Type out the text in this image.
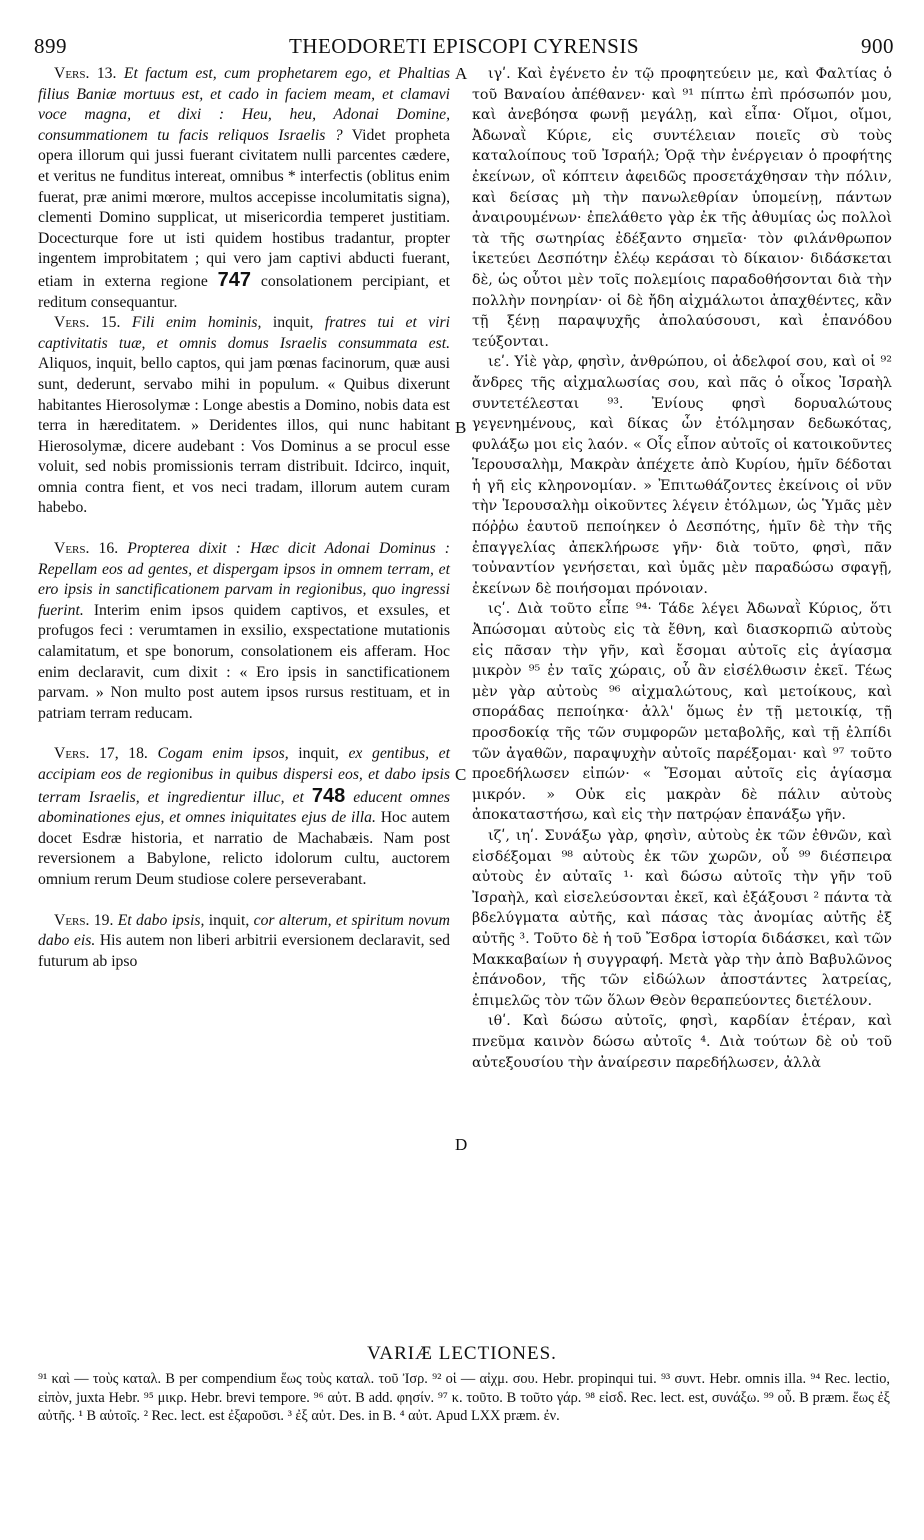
899	THEODORETI EPISCOPI CYRENSIS	900
A
B
C
D

Vers. 13. Et factum est, cum prophetarem ego, et Phaltias filius Baniæ mortuus est, et cado in faciem meam, et clamavi voce magna, et dixi : Heu, heu, Adonai Domine, consummationem tu facis reliquos Israelis ? Videt propheta opera illorum qui jussi fuerant civitatem nulli parcentes cædere, et veritus ne funditus intereat, omnibus * interfectis (oblitus enim fuerat, præ animi mœrore, multos accepisse incolumitatis signa), clementi Domino supplicat, ut misericordia temperet justitiam. Docecturque fore ut isti quidem hostibus tradantur, propter ingentem improbitatem ; qui vero jam captivi abducti fuerant, etiam in externa regione 747 consolationem percipiant, et reditum consequantur.

Vers. 15. Fili enim hominis, inquit, fratres tui et viri captivitatis tuæ, et omnis domus Israelis consummata est. Aliquos, inquit, bello captos, qui jam pœnas facinorum, quæ ausi sunt, dederunt, servabo mihi in populum. « Quibus dixerunt habitantes Hierosolymæ : Longe abestis a Domino, nobis data est terra in hæreditatem. » Deridentes illos, qui nunc habitant Hierosolymæ, dicere audebant : Vos Dominus a se procul esse voluit, sed nobis promissionis terram distribuit. Idcirco, inquit, omnia contra fient, et vos neci tradam, illorum autem curam habebo.

Vers. 16. Propterea dixit : Hæc dicit Adonai Dominus : Repellam eos ad gentes, et dispergam ipsos in omnem terram, et ero ipsis in sanctificationem parvam in regionibus, quo ingressi fuerint. Interim enim ipsos quidem captivos, et exsules, et profugos feci : verumtamen in exsilio, exspectatione mutationis calamitatum, et spe bonorum, consolationem eis afferam. Hoc enim declaravit, cum dixit : « Ero ipsis in sanctificationem parvam. » Non multo post autem ipsos rursus restituam, et in patriam terram reducam.

Vers. 17, 18. Cogam enim ipsos, inquit, ex gentibus, et accipiam eos de regionibus in quibus dispersi eos, et dabo ipsis terram Israelis, et ingredientur illuc, et 748 educent omnes abominationes ejus, et omnes iniquitates ejus de illa. Hoc autem docet Esdræ historia, et narratio de Machabæis. Nam post reversionem a Babylone, relicto idolorum cultu, auctorem omnium rerum Deum studiose colere perseverabant.

Vers. 19. Et dabo ipsis, inquit, cor alterum, et spiritum novum dabo eis. His autem non liberi arbitrii eversionem declaravit, sed futurum ab ipso

ιγʹ. Καὶ ἐγένετο ἐν τῷ προφητεύειν με, καὶ Φαλτίας ὁ τοῦ Βαναίου ἀπέθανεν· καὶ ⁹¹ πίπτω ἐπὶ πρόσωπόν μου, καὶ ἀνεβόησα φωνῇ μεγάλῃ, καὶ εἶπα· Οἴμοι, οἴμοι, Ἀδωναῒ Κύριε, εἰς συντέλειαν ποιεῖς σὺ τοὺς καταλοίπους τοῦ Ἰσραήλ; Ὁρᾷ τὴν ἐνέργειαν ὁ προφήτης ἐκείνων, οἳ κόπτειν ἀφειδῶς προσετάχθησαν τὴν πόλιν, καὶ δείσας μὴ τὴν πανωλεθρίαν ὑπομείνῃ, πάντων ἀναιρουμένων· ἐπελάθετο γὰρ ἐκ τῆς ἀθυμίας ὡς πολλοὶ τὰ τῆς σωτηρίας ἐδέξαντο σημεῖα· τὸν φιλάνθρωπον ἱκετεύει Δεσπότην ἐλέῳ κεράσαι τὸ δίκαιον· διδάσκεται δὲ, ὡς οὗτοι μὲν τοῖς πολεμίοις παραδοθήσονται διὰ τὴν πολλὴν πονηρίαν· οἱ δὲ ἤδη αἰχμάλωτοι ἀπαχθέντες, κἂν τῇ ξένῃ παραψυχῆς ἀπολαύσουσι, καὶ ἐπανόδου τεύξονται.

ιεʹ. Υἱὲ γὰρ, φησὶν, ἀνθρώπου, οἱ ἀδελφοί σου, καὶ οἱ ⁹² ἄνδρες τῆς αἰχμαλωσίας σου, καὶ πᾶς ὁ οἶκος Ἰσραὴλ συντετέλεσται ⁹³. Ἐνίους φησὶ δορυαλώτους γεγενημένους, καὶ δίκας ὧν ἐτόλμησαν δεδωκότας, φυλάξω μοι εἰς λαόν. « Οἷς εἶπον αὐτοῖς οἱ κατοικοῦντες Ἱερουσαλὴμ, Μακρὰν ἀπέχετε ἀπὸ Κυρίου, ἡμῖν δέδοται ἡ γῆ εἰς κληρονομίαν. » Ἐπιτωθάζοντες ἐκείνοις οἱ νῦν τὴν Ἱερουσαλὴμ οἰκοῦντες λέγειν ἐτόλμων, ὡς Ὑμᾶς μὲν πόῤῥω ἑαυτοῦ πεποίηκεν ὁ Δεσπότης, ἡμῖν δὲ τὴν τῆς ἐπαγγελίας ἀπεκλήρωσε γῆν· διὰ τοῦτο, φησὶ, πᾶν τοὐναντίον γενήσεται, καὶ ὑμᾶς μὲν παραδώσω σφαγῇ, ἐκείνων δὲ ποιήσομαι πρόνοιαν.

ιςʹ. Διὰ τοῦτο εἶπε ⁹⁴· Τάδε λέγει Ἀδωναῒ Κύριος, ὅτι Ἀπώσομαι αὐτοὺς εἰς τὰ ἔθνη, καὶ διασκορπιῶ αὐτοὺς εἰς πᾶσαν τὴν γῆν, καὶ ἔσομαι αὐτοῖς εἰς ἁγίασμα μικρὸν ⁹⁵ ἐν ταῖς χώραις, οὗ ἂν εἰσέλθωσιν ἐκεῖ. Τέως μὲν γὰρ αὐτοὺς ⁹⁶ αἰχμαλώτους, καὶ μετοίκους, καὶ σποράδας πεποίηκα· ἀλλ' ὅμως ἐν τῇ μετοικίᾳ, τῇ προσδοκίᾳ τῆς τῶν συμφορῶν μεταβολῆς, καὶ τῇ ἐλπίδι τῶν ἀγαθῶν, παραψυχὴν αὐτοῖς παρέξομαι· καὶ ⁹⁷ τοῦτο προεδήλωσεν εἰπών· « Ἔσομαι αὐτοῖς εἰς ἁγίασμα μικρόν. » Οὐκ εἰς μακρὰν δὲ πάλιν αὐτοὺς ἀποκαταστήσω, καὶ εἰς τὴν πατρῴαν ἐπανάξω γῆν.

ιζʹ, ιηʹ. Συνάξω γὰρ, φησὶν, αὐτοὺς ἐκ τῶν ἐθνῶν, καὶ εἰσδέξομαι ⁹⁸ αὐτοὺς ἐκ τῶν χωρῶν, οὗ ⁹⁹ διέσπειρα αὐτοὺς ἐν αὐταῖς ¹· καὶ δώσω αὐτοῖς τὴν γῆν τοῦ Ἰσραὴλ, καὶ εἰσελεύσονται ἐκεῖ, καὶ ἐξάξουσι ² πάντα τὰ βδελύγματα αὐτῆς, καὶ πάσας τὰς ἀνομίας αὐτῆς ἐξ αὐτῆς ³. Τοῦτο δὲ ἡ τοῦ Ἔσδρα ἱστορία διδάσκει, καὶ τῶν Μακκαβαίων ἡ συγγραφή. Μετὰ γὰρ τὴν ἀπὸ Βαβυλῶνος ἐπάνοδον, τῆς τῶν εἰδώλων ἀποστάντες λατρείας, ἐπιμελῶς τὸν τῶν ὅλων Θεὸν θεραπεύοντες διετέλουν.

ιθʹ. Καὶ δώσω αὐτοῖς, φησὶ, καρδίαν ἑτέραν, καὶ πνεῦμα καινὸν δώσω αὐτοῖς ⁴. Διὰ τούτων δὲ οὐ τοῦ αὐτεξουσίου τὴν ἀναίρεσιν παρεδήλωσεν, ἀλλὰ

VARIÆ LECTIONES.
⁹¹ καὶ — τοὺς καταλ. B per compendium ἕως τοὺς καταλ. τοῦ Ἰσρ. ⁹² οἱ — αἰχμ. σου. Hebr. propinqui tui. ⁹³ συντ. Hebr. omnis illa. ⁹⁴ Rec. lectio, εἰπὸν, juxta Hebr. ⁹⁵ μικρ. Hebr. brevi tempore. ⁹⁶ αὐτ. B add. φησίν. ⁹⁷ κ. τοῦτο. B τοῦτο γάρ. ⁹⁸ εἰσδ. Rec. lect. est, συνάξω. ⁹⁹ οὗ. B præm. ἕως ἐξ αὐτῆς. ¹ B αὐτοῖς. ² Rec. lect. est ἐξαροῦσι. ³ ἐξ αὐτ. Des. in B. ⁴ αὐτ. Apud LXX præm. ἐν.
